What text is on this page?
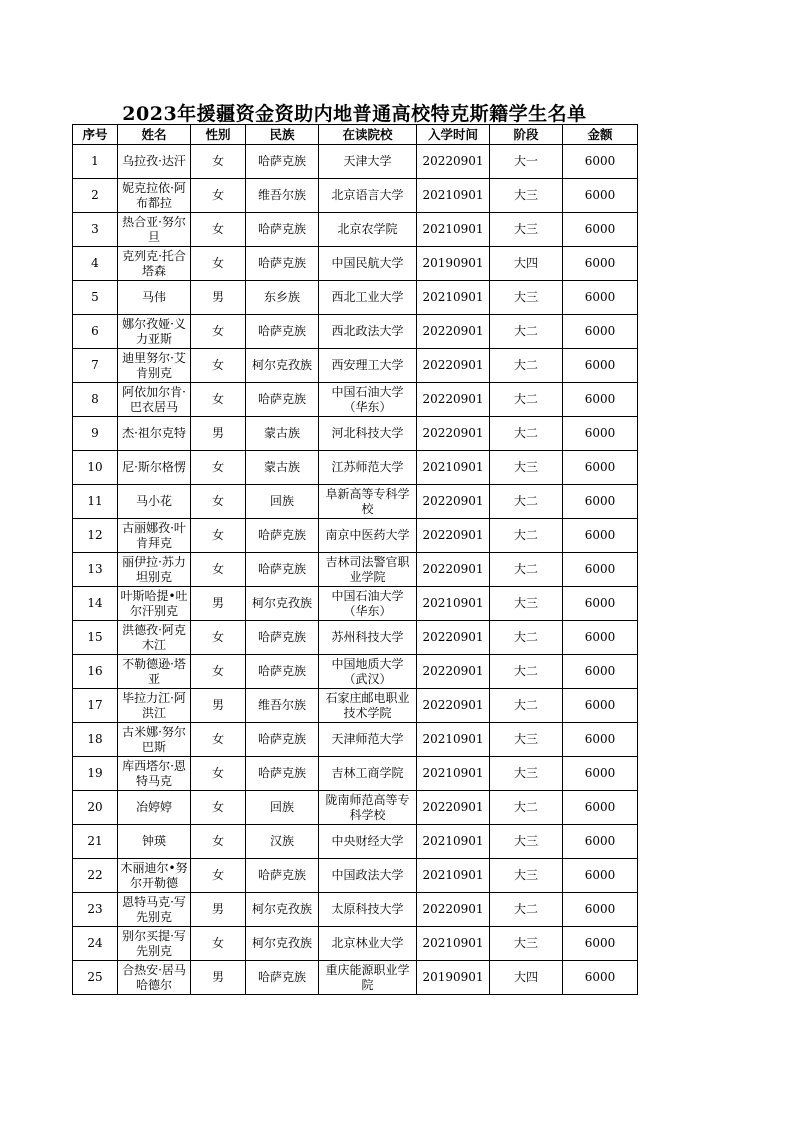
2023年援疆资金资助内地普通高校特克斯籍学生名单
序号	姓名	性别	民族	在读院校	入学时间	阶段	金额

1	乌拉孜·达汗	女	哈萨克族	天津大学	20220901	大一	6000

2	妮克拉依·阿布都拉	女	维吾尔族	北京语言大学	20210901	大三	6000

3	热合亚·努尔旦	女	哈萨克族	北京农学院	20210901	大三	6000

4	克列克·托合塔森	女	哈萨克族	中国民航大学	20190901	大四	6000

5	马伟	男	东乡族	西北工业大学	20210901	大三	6000

6	娜尔孜娅·义力亚斯	女	哈萨克族	西北政法大学	20220901	大二	6000

7	迪里努尔·艾肯别克	女	柯尔克孜族	西安理工大学	20220901	大二	6000

8	阿依加尔肯·巴衣居马	女	哈萨克族	中国石油大学（华东）	20220901	大二	6000

9	杰·祖尔克特	男	蒙古族	河北科技大学	20220901	大二	6000

10	尼·斯尔格愣	女	蒙古族	江苏师范大学	20210901	大三	6000

11	马小花	女	回族	阜新高等专科学校	20220901	大二	6000

12	古丽娜孜·叶肯拜克	女	哈萨克族	南京中医药大学	20220901	大二	6000

13	丽伊拉·苏力坦别克	女	哈萨克族	吉林司法警官职业学院	20220901	大二	6000

14	叶斯哈提•吐尔汗别克	男	柯尔克孜族	中国石油大学（华东）	20210901	大三	6000

15	洪德孜·阿克木江	女	哈萨克族	苏州科技大学	20220901	大二	6000

16	不勒德逊·塔亚	女	哈萨克族	中国地质大学（武汉）	20220901	大二	6000

17	毕拉力江·阿洪江	男	维吾尔族	石家庄邮电职业技术学院	20220901	大二	6000

18	古米娜·努尔巴斯	女	哈萨克族	天津师范大学	20210901	大三	6000

19	库西塔尔·恩特马克	女	哈萨克族	吉林工商学院	20210901	大三	6000

20	冶婷婷	女	回族	陇南师范高等专科学校	20220901	大二	6000

21	钟瑛	女	汉族	中央财经大学	20210901	大三	6000

22	木丽迪尔•努尔开勒德	女	哈萨克族	中国政法大学	20210901	大三	6000

23	恩特马克·写先别克	男	柯尔克孜族	太原科技大学	20220901	大二	6000

24	别尔买提·写先别克	女	柯尔克孜族	北京林业大学	20210901	大三	6000

25	合热安·居马哈德尔	男	哈萨克族	重庆能源职业学院	20190901	大四	6000
